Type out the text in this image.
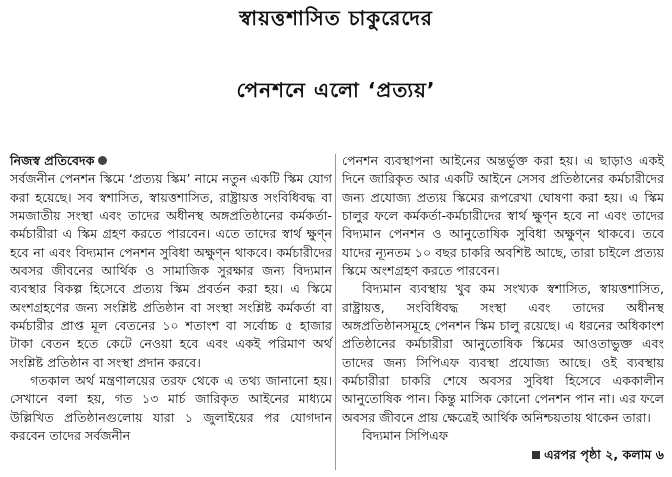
স্বায়ত্তশাসিত চাকুরেদের
পেনশনে এলো ‘প্রত্যয়’

নিজস্ব প্রতিবেদক

সর্বজনীন পেনশন স্কিমে ‘প্রত্যয় স্কিম’ নামে নতুন একটি স্কিম যোগ করা হয়েছে। সব স্বশাসিত, স্বায়ত্তশাসিত, রাষ্ট্রায়ত্ত সংবিধিবদ্ধ বা সমজাতীয় সংস্থা এবং তাদের অধীনস্থ অঙ্গপ্রতিষ্ঠানের কর্মকর্তা-কর্মচারীরা এ স্কিম গ্রহণ করতে পারবেন। এতে তাদের স্বার্থ ক্ষুণ্ন হবে না এবং বিদ্যমান পেনশন সুবিধা অক্ষুণ্ন থাকবে। কর্মচারীদের অবসর জীবনের আর্থিক ও সামাজিক সুরক্ষার জন্য বিদ্যমান ব্যবস্থার বিকল্প হিসেবে প্রত্যয় স্কিম প্রবর্তন করা হয়। এ স্কিমে অংশগ্রহণের জন্য সংশ্লিষ্ট প্রতিষ্ঠান বা সংস্থা সংশ্লিষ্ট কর্মকর্তা বা কর্মচারীর প্রাপ্ত মূল বেতনের ১০ শতাংশ বা সর্বোচ্চ ৫ হাজার টাকা বেতন হতে কেটে নেওয়া হবে এবং একই পরিমাণ অর্থ সংশ্লিষ্ট প্রতিষ্ঠান বা সংস্থা প্রদান করবে।

গতকাল অর্থ মন্ত্রণালয়ের তরফ থেকে এ তথ্য জানানো হয়। সেখানে বলা হয়, গত ১৩ মার্চ জারিকৃত আইনের মাধ্যমে উল্লিখিত প্রতিষ্ঠানগুলোয় যারা ১ জুলাইয়ের পর যোগদান করবেন তাদের সর্বজনীন

পেনশন ব্যবস্থাপনা আইনের অন্তর্ভুক্ত করা হয়। এ ছাড়াও একই দিনে জারিকৃত আর একটি আইনে সেসব প্রতিষ্ঠানের কর্মচারীদের জন্য প্রযোজ্য প্রত্যয় স্কিমের রূপরেখা ঘোষণা করা হয়। এ স্কিম চালুর ফলে কর্মকর্তা-কর্মচারীদের স্বার্থ ক্ষুণ্ন হবে না এবং তাদের বিদ্যমান পেনশন ও আনুতোষিক সুবিধা অক্ষুণ্ন থাকবে। তবে যাদের ন্যূনতম ১০ বছর চাকরি অবশিষ্ট আছে, তারা চাইলে প্রত্যয় স্কিমে অংশগ্রহণ করতে পারবেন।

বিদ্যমান ব্যবস্থায় খুব কম সংখ্যক স্বশাসিত, স্বায়ত্তশাসিত, রাষ্ট্রায়ত্ত, সংবিধিবদ্ধ সংস্থা এবং তাদের অধীনস্থ অঙ্গপ্রতিষ্ঠানসমূহে পেনশন স্কিম চালু রয়েছে। এ ধরনের অধিকাংশ প্রতিষ্ঠানের কর্মচারীরা আনুতোষিক স্কিমের আওতাভুক্ত এবং তাদের জন্য সিপিএফ ব্যবস্থা প্রযোজ্য আছে। ওই ব্যবস্থায় কর্মচারীরা চাকরি শেষে অবসর সুবিধা হিসেবে এককালীন আনুতোষিক পান। কিন্তু মাসিক কোনো পেনশন পান না। এর ফলে অবসর জীবনে প্রায় ক্ষেত্রেই আর্থিক অনিশ্চয়তায় থাকেন তারা।

বিদ্যমান সিপিএফ

এরপর পৃষ্ঠা ২, কলাম ৬
